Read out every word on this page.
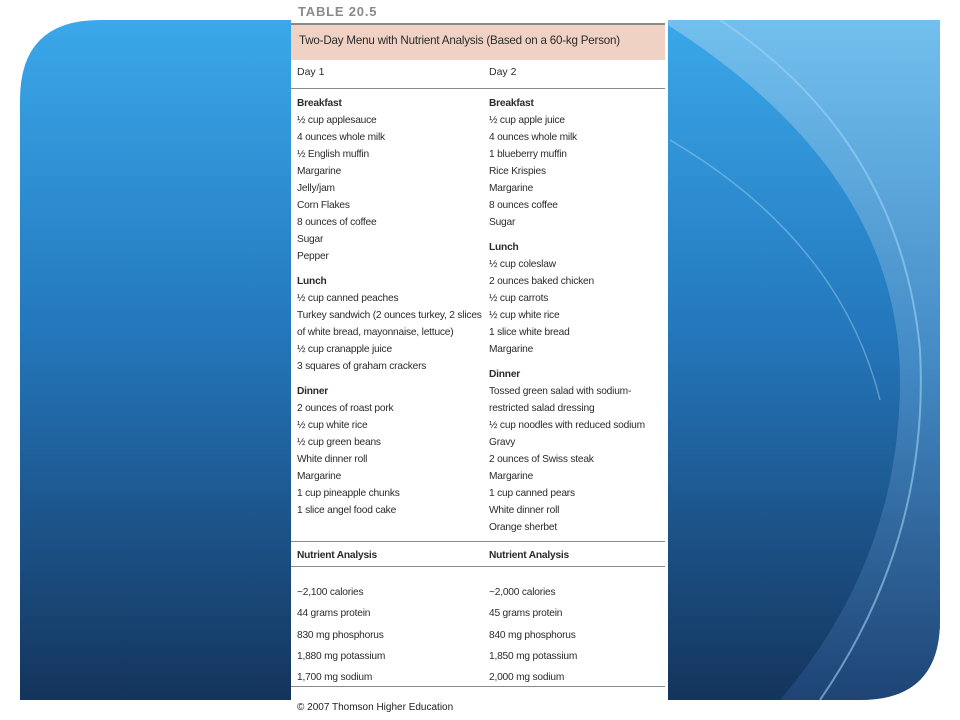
TABLE 20.5
Two-Day Menu with Nutrient Analysis (Based on a 60-kg Person)
Day 1	Day 2
Breakfast
½ cup applesauce
4 ounces whole milk
½ English muffin
Margarine
Jelly/jam
Corn Flakes
8 ounces of coffee
Sugar
Pepper
Lunch
½ cup canned peaches
Turkey sandwich (2 ounces turkey, 2 slices
of white bread, mayonnaise, lettuce)
½ cup cranapple juice
3 squares of graham crackers
Dinner
2 ounces of roast pork
½ cup white rice
½ cup green beans
White dinner roll
Margarine
1 cup pineapple chunks
1 slice angel food cake
Breakfast
½ cup apple juice
4 ounces whole milk
1 blueberry muffin
Rice Krispies
Margarine
8 ounces coffee
Sugar
Lunch
½ cup coleslaw
2 ounces baked chicken
½ cup carrots
½ cup white rice
1 slice white bread
Margarine
Dinner
Tossed green salad with sodium-
restricted salad dressing
½ cup noodles with reduced sodium
Gravy
2 ounces of Swiss steak
Margarine
1 cup canned pears
White dinner roll
Orange sherbet
Nutrient Analysis	Nutrient Analysis
~2,100 calories
44 grams protein
830 mg phosphorus
1,880 mg potassium
1,700 mg sodium
~2,000 calories
45 grams protein
840 mg phosphorus
1,850 mg potassium
2,000 mg sodium
© 2007 Thomson Higher Education
